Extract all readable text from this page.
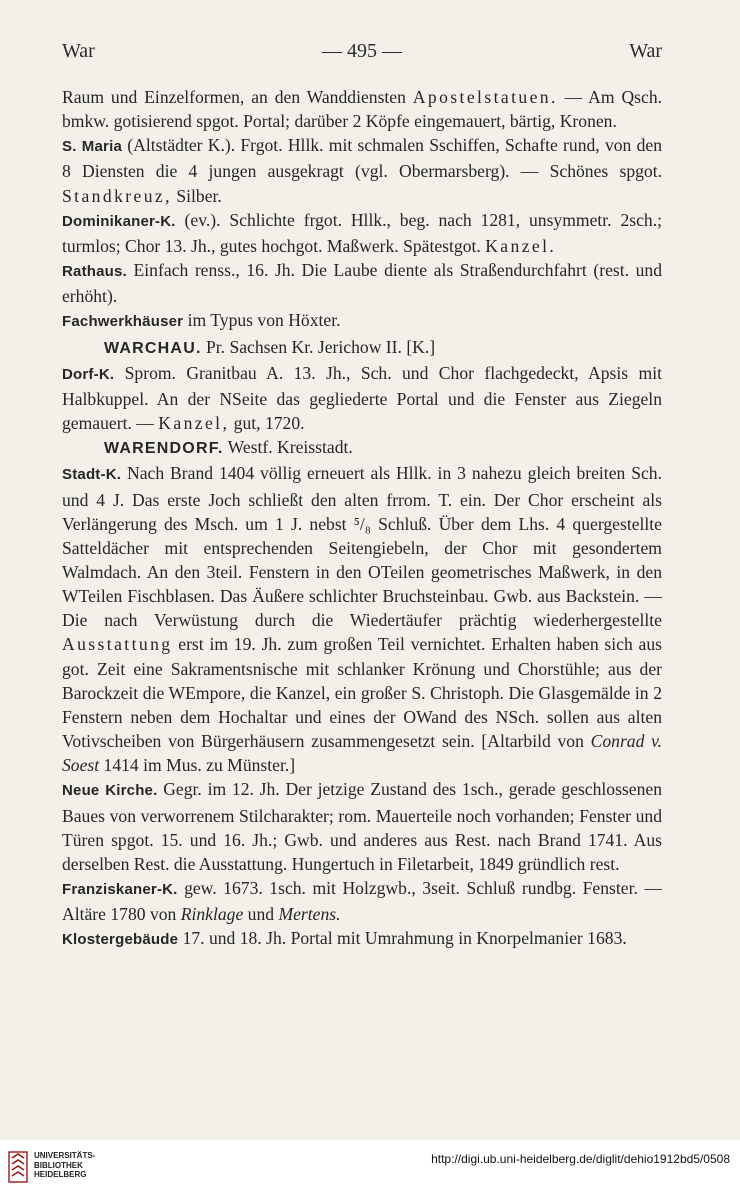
War	— 495 —	War

Raum und Einzelformen, an den Wanddiensten Apostelstatuen. — Am Qsch. bmkw. gotisierend spgot. Portal; darüber 2 Köpfe eingemauert, bärtig, Kronen.

S. Maria (Altstädter K.). Frgot. Hllk. mit schmalen Sschiffen, Schafte rund, von den 8 Diensten die 4 jungen ausgekragt (vgl. Obermarsberg). — Schönes spgot. Standkreuz, Silber.

Dominikaner-K. (ev.). Schlichte frgot. Hllk., beg. nach 1281, unsymmetr. 2sch.; turmlos; Chor 13. Jh., gutes hochgot. Maßwerk. Spätestgot. Kanzel.

Rathaus. Einfach renss., 16. Jh. Die Laube diente als Straßendurchfahrt (rest. und erhöht).

Fachwerkhäuser im Typus von Höxter.

WARCHAU. Pr. Sachsen Kr. Jerichow II. [K.]

Dorf-K. Sprom. Granitbau A. 13. Jh., Sch. und Chor flachgedeckt, Apsis mit Halbkuppel. An der NSeite das gegliederte Portal und die Fenster aus Ziegeln gemauert. — Kanzel, gut, 1720.

WARENDORF. Westf. Kreisstadt.

Stadt-K. Nach Brand 1404 völlig erneuert als Hllk. in 3 nahezu gleich breiten Sch. und 4 J. Das erste Joch schließt den alten frrom. T. ein. Der Chor erscheint als Verlängerung des Msch. um 1 J. nebst ⁵/₈ Schluß. Über dem Lhs. 4 quergestellte Satteldächer mit entsprechenden Seitengiebeln, der Chor mit gesondertem Walmdach. An den 3teil. Fenstern in den OTeilen geometrisches Maßwerk, in den WTeilen Fischblasen. Das Äußere schlichter Bruchsteinbau. Gwb. aus Backstein. — Die nach Verwüstung durch die Wiedertäufer prächtig wiederhergestellte Ausstattung erst im 19. Jh. zum großen Teil vernichtet. Erhalten haben sich aus got. Zeit eine Sakramentsnische mit schlanker Krönung und Chorstühle; aus der Barockzeit die WEmpore, die Kanzel, ein großer S. Christoph. Die Glasgemälde in 2 Fenstern neben dem Hochaltar und eines der OWand des NSch. sollen aus alten Votivscheiben von Bürgerhäusern zusammengesetzt sein. [Altarbild von Conrad v. Soest 1414 im Mus. zu Münster.]

Neue Kirche. Gegr. im 12. Jh. Der jetzige Zustand des 1sch., gerade geschlossenen Baues von verworrenem Stilcharakter; rom. Mauerteile noch vorhanden; Fenster und Türen spgot. 15. und 16. Jh.; Gwb. und anderes aus Rest. nach Brand 1741. Aus derselben Rest. die Ausstattung. Hungertuch in Filetarbeit, 1849 gründlich rest.

Franziskaner-K. gew. 1673. 1sch. mit Holzgwb., 3seit. Schluß rundbg. Fenster. — Altäre 1780 von Rinklage und Mertens.

Klostergebäude 17. und 18. Jh. Portal mit Umrahmung in Knorpelmanier 1683.

UNIVERSITÄTS-
BIBLIOTHEK
HEIDELBERG
http://digi.ub.uni-heidelberg.de/diglit/dehio1912bd5/0508
